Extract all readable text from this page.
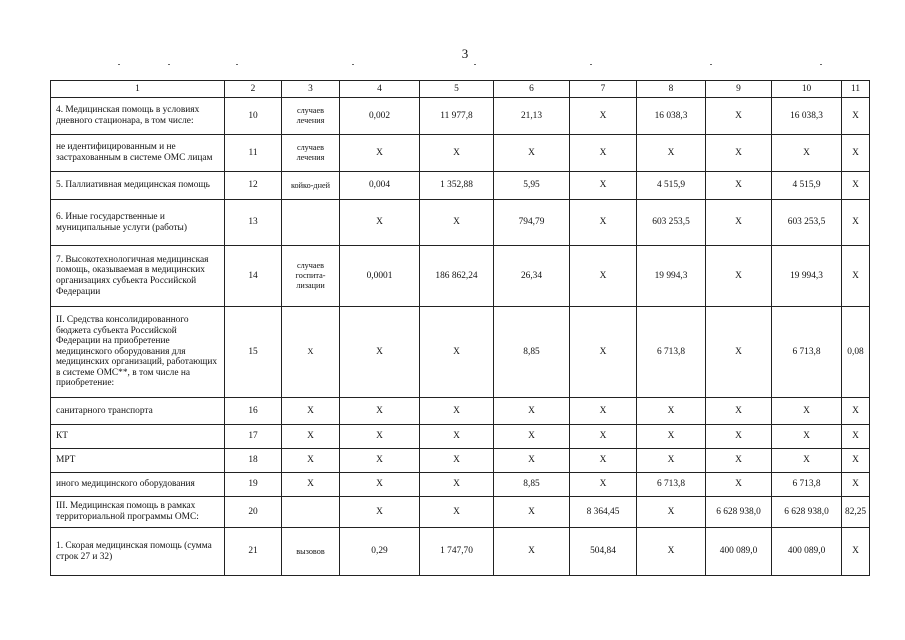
3
1	2	3	4	5	6	7	8	9	10	11
4. Медицинская помощь в условиях дневного стационара, в том числе:	10	случаев лечения	0,002	11 977,8	21,13	X	16 038,3	X	16 038,3	X
не идентифицированным и не застрахованным в системе ОМС лицам	11	случаев лечения	X	X	X	X	X	X	X	X
5. Паллиативная медицинская помощь	12	койко-дней	0,004	1 352,88	5,95	X	4 515,9	X	4 515,9	X
6. Иные государственные и муниципальные услуги (работы)	13		X	X	794,79	X	603 253,5	X	603 253,5	X
7. Высокотехнологичная медицинская помощь, оказываемая в медицинских организациях субъекта Российской Федерации	14	случаев госпита-лизации	0,0001	186 862,24	26,34	X	19 994,3	X	19 994,3	X
II. Средства консолидированного бюджета субъекта Российской Федерации на приобретение медицинского оборудования для медицинских организаций, работающих в системе ОМС**, в том числе на приобретение:	15	X	X	X	8,85	X	6 713,8	X	6 713,8	0,08
санитарного транспорта	16	X	X	X	X	X	X	X	X	X
КТ	17	X	X	X	X	X	X	X	X	X
МРТ	18	X	X	X	X	X	X	X	X	X
иного медицинского оборудования	19	X	X	X	8,85	X	6 713,8	X	6 713,8	X
III. Медицинская помощь в рамках территориальной программы ОМС:	20		X	X	X	8 364,45	X	6 628 938,0	6 628 938,0	82,25
1. Скорая медицинская помощь (сумма строк 27 и 32)	21	вызовов	0,29	1 747,70	X	504,84	X	400 089,0	400 089,0	X
